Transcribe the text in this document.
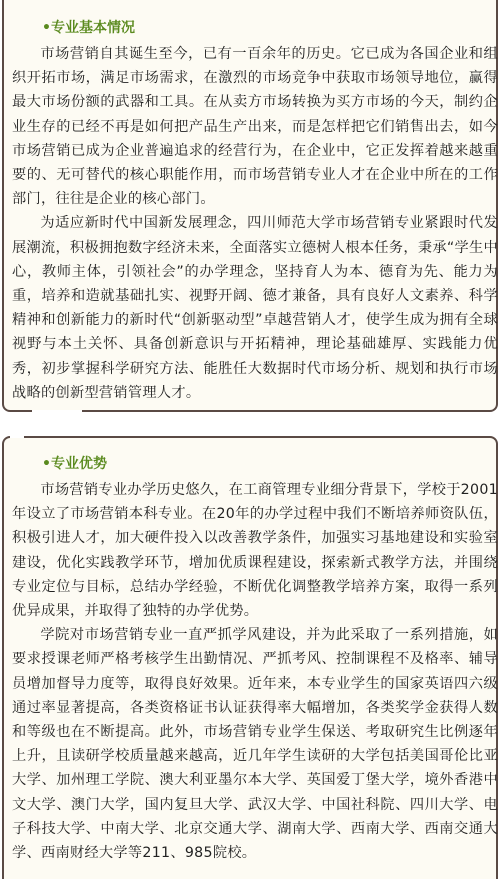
•专业基本情况

市场营销自其诞生至今，已有一百余年的历史。它已成为各国企业和组织开拓市场，满足市场需求，在激烈的市场竞争中获取市场领导地位，赢得最大市场份额的武器和工具。在从卖方市场转换为买方市场的今天，制约企业生存的已经不再是如何把产品生产出来，而是怎样把它们销售出去，如今市场营销已成为企业普遍追求的经营行为，在企业中，它正发挥着越来越重要的、无可替代的核心职能作用，而市场营销专业人才在企业中所在的工作部门，往往是企业的核心部门。

为适应新时代中国新发展理念，四川师范大学市场营销专业紧跟时代发展潮流，积极拥抱数字经济未来，全面落实立德树人根本任务，秉承“学生中心，教师主体，引领社会”的办学理念，坚持育人为本、德育为先、能力为重，培养和造就基础扎实、视野开阔、德才兼备，具有良好人文素养、科学精神和创新能力的新时代“创新驱动型”卓越营销人才，使学生成为拥有全球视野与本土关怀、具备创新意识与开拓精神，理论基础雄厚、实践能力优秀，初步掌握科学研究方法、能胜任大数据时代市场分析、规划和执行市场战略的创新型营销管理人才。

•专业优势

市场营销专业办学历史悠久，在工商管理专业细分背景下，学校于2001年设立了市场营销本科专业。在20年的办学过程中我们不断培养师资队伍，积极引进人才，加大硬件投入以改善教学条件，加强实习基地建设和实验室建设，优化实践教学环节，增加优质课程建设，探索新式教学方法，并围绕专业定位与目标，总结办学经验，不断优化调整教学培养方案，取得一系列优异成果，并取得了独特的办学优势。

学院对市场营销专业一直严抓学风建设，并为此采取了一系列措施，如要求授课老师严格考核学生出勤情况、严抓考风、控制课程不及格率、辅导员增加督导力度等，取得良好效果。近年来，本专业学生的国家英语四六级通过率显著提高，各类资格证书认证获得率大幅增加，各类奖学金获得人数和等级也在不断提高。此外，市场营销专业学生保送、考取研究生比例逐年上升，且读研学校质量越来越高，近几年学生读研的大学包括美国哥伦比亚大学、加州理工学院、澳大利亚墨尔本大学、英国爱丁堡大学，境外香港中文大学、澳门大学，国内复旦大学、武汉大学、中国社科院、四川大学、电子科技大学、中南大学、北京交通大学、湖南大学、西南大学、西南交通大学、西南财经大学等211、985院校。
